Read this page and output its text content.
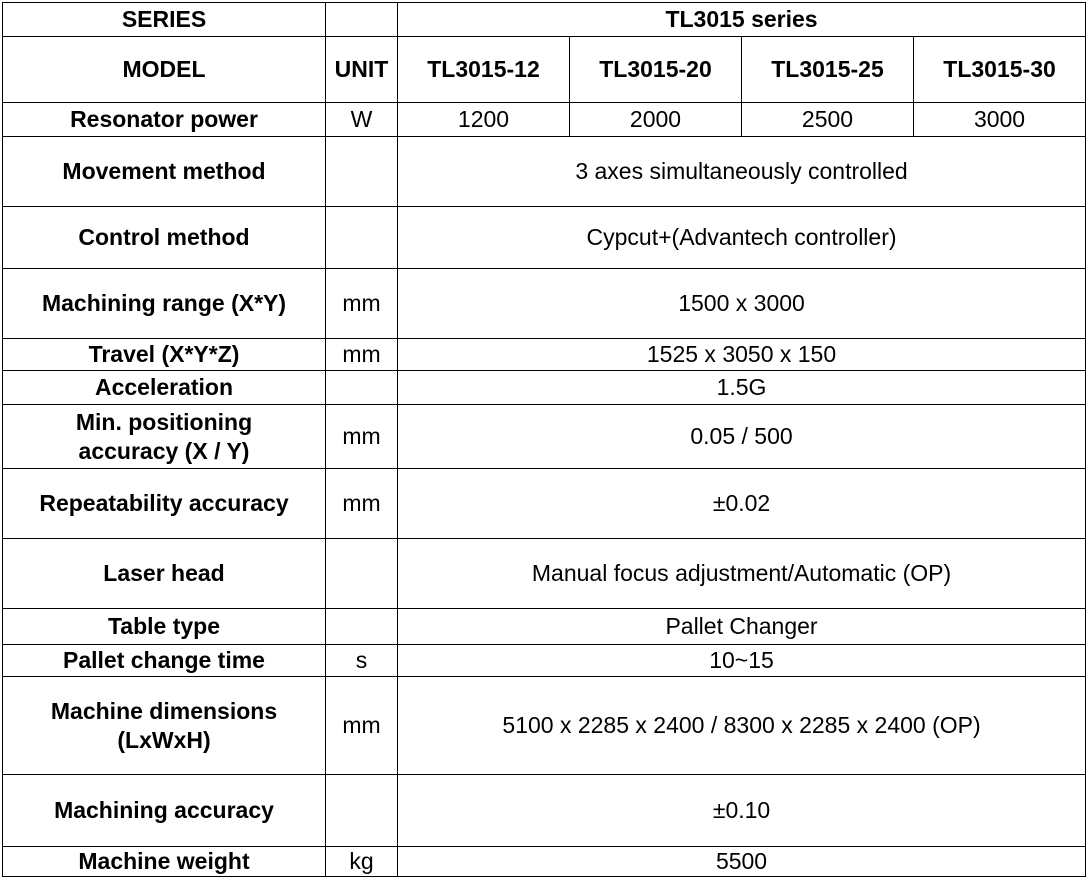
SERIES		TL3015 series			
MODEL	UNIT	TL3015-12	TL3015-20	TL3015-25	TL3015-30
Resonator power	W	1200	2000	2500	3000
Movement method		3 axes simultaneously controlled			
Control method		Cypcut+(Advantech controller)			
Machining range (X*Y)	mm	1500 x 3000			
Travel (X*Y*Z)	mm	1525 x 3050 x 150			
Acceleration		1.5G			
Min. positioning
accuracy (X / Y)	mm	0.05 / 500			
Repeatability accuracy	mm	±0.02			
Laser head		Manual focus adjustment/Automatic (OP)			
Table type		Pallet Changer			
Pallet change time	s	10~15			
Machine dimensions
(LxWxH)	mm	5100 x 2285 x 2400 / 8300 x 2285 x 2400 (OP)			
Machining accuracy		±0.10			
Machine weight	kg	5500			
